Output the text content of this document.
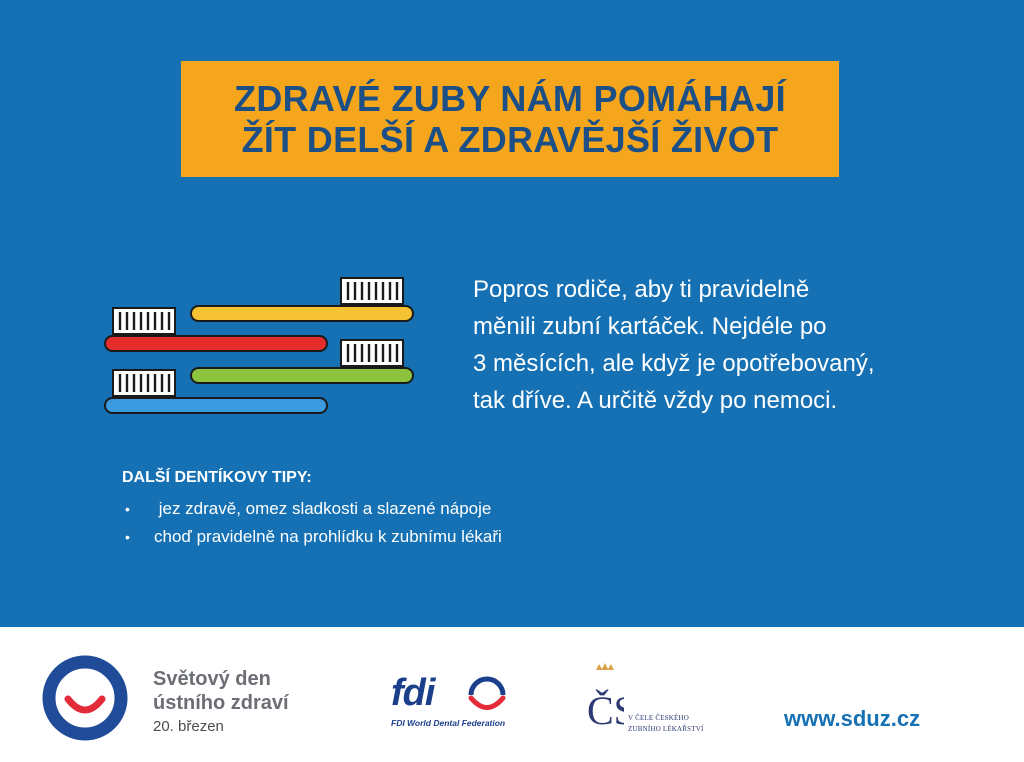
ZDRAVÉ ZUBY NÁM POMÁHAJÍ
ŽÍT DELŠÍ A ZDRAVĚJŠÍ ŽIVOT
Popros rodiče, aby ti pravidelně
měnili zubní kartáček. Nejdéle po
3 měsících, ale když je opotřebovaný,
tak dříve. A určitě vždy po nemoci.
DALŠÍ DENTÍKOVY TIPY:
• jez zdravě, omez sladkosti a slazené nápoje
• choď pravidelně na prohlídku k zubnímu lékaři
Světový den
ústního zdraví
20. březen
fdi
FDI World Dental Federation Č	V ČELE ČESKÉHO
ZUBNÍHO LÉKAŘSTVÍ	www.sduz.cz
